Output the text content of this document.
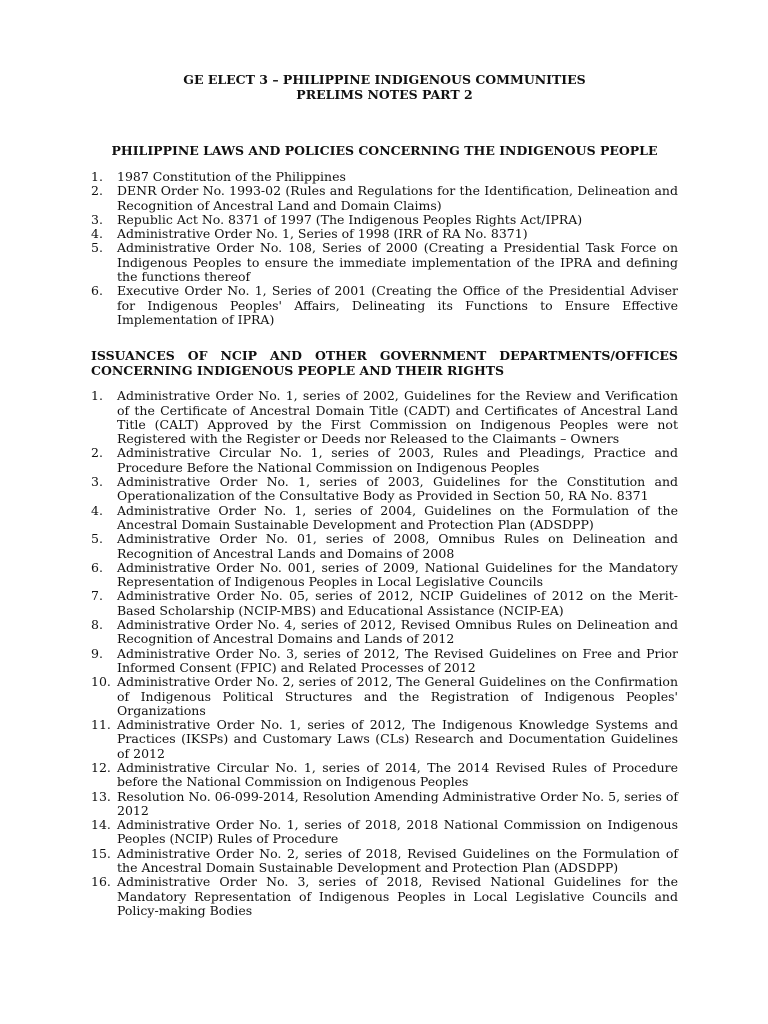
GE ELECT 3 – PHILIPPINE INDIGENOUS COMMUNITIES
PRELIMS NOTES PART 2
PHILIPPINE LAWS AND POLICIES CONCERNING THE INDIGENOUS PEOPLE
1. 1987 Constitution of the Philippines
2. DENR Order No. 1993-02 (Rules and Regulations for the Identification, Delineation and Recognition of Ancestral Land and Domain Claims)
3. Republic Act No. 8371 of 1997 (The Indigenous Peoples Rights Act/IPRA)
4. Administrative Order No. 1, Series of 1998 (IRR of RA No. 8371)
5. Administrative Order No. 108, Series of 2000 (Creating a Presidential Task Force on Indigenous Peoples to ensure the immediate implementation of the IPRA and defining the functions thereof
6. Executive Order No. 1, Series of 2001 (Creating the Office of the Presidential Adviser for Indigenous Peoples' Affairs, Delineating its Functions to Ensure Effective Implementation of IPRA)
ISSUANCES OF NCIP AND OTHER GOVERNMENT DEPARTMENTS/OFFICES
CONCERNING INDIGENOUS PEOPLE AND THEIR RIGHTS
1. Administrative Order No. 1, series of 2002, Guidelines for the Review and Verification of the Certificate of Ancestral Domain Title (CADT) and Certificates of Ancestral Land Title (CALT) Approved by the First Commission on Indigenous Peoples were not Registered with the Register or Deeds nor Released to the Claimants – Owners
2. Administrative Circular No. 1, series of 2003, Rules and Pleadings, Practice and Procedure Before the National Commission on Indigenous Peoples
3. Administrative Order No. 1, series of 2003, Guidelines for the Constitution and Operationalization of the Consultative Body as Provided in Section 50, RA No. 8371
4. Administrative Order No. 1, series of 2004, Guidelines on the Formulation of the Ancestral Domain Sustainable Development and Protection Plan (ADSDPP)
5. Administrative Order No. 01, series of 2008, Omnibus Rules on Delineation and Recognition of Ancestral Lands and Domains of 2008
6. Administrative Order No. 001, series of 2009, National Guidelines for the Mandatory Representation of Indigenous Peoples in Local Legislative Councils
7. Administrative Order No. 05, series of 2012, NCIP Guidelines of 2012 on the Merit-Based Scholarship (NCIP-MBS) and Educational Assistance (NCIP-EA)
8. Administrative Order No. 4, series of 2012, Revised Omnibus Rules on Delineation and Recognition of Ancestral Domains and Lands of 2012
9. Administrative Order No. 3, series of 2012, The Revised Guidelines on Free and Prior Informed Consent (FPIC) and Related Processes of 2012
10. Administrative Order No. 2, series of 2012, The General Guidelines on the Confirmation of Indigenous Political Structures and the Registration of Indigenous Peoples' Organizations
11. Administrative Order No. 1, series of 2012, The Indigenous Knowledge Systems and Practices (IKSPs) and Customary Laws (CLs) Research and Documentation Guidelines of 2012
12. Administrative Circular No. 1, series of 2014, The 2014 Revised Rules of Procedure before the National Commission on Indigenous Peoples
13. Resolution No. 06-099-2014, Resolution Amending Administrative Order No. 5, series of 2012
14. Administrative Order No. 1, series of 2018, 2018 National Commission on Indigenous Peoples (NCIP) Rules of Procedure
15. Administrative Order No. 2, series of 2018, Revised Guidelines on the Formulation of the Ancestral Domain Sustainable Development and Protection Plan (ADSDPP)
16. Administrative Order No. 3, series of 2018, Revised National Guidelines for the Mandatory Representation of Indigenous Peoples in Local Legislative Councils and Policy-making Bodies
